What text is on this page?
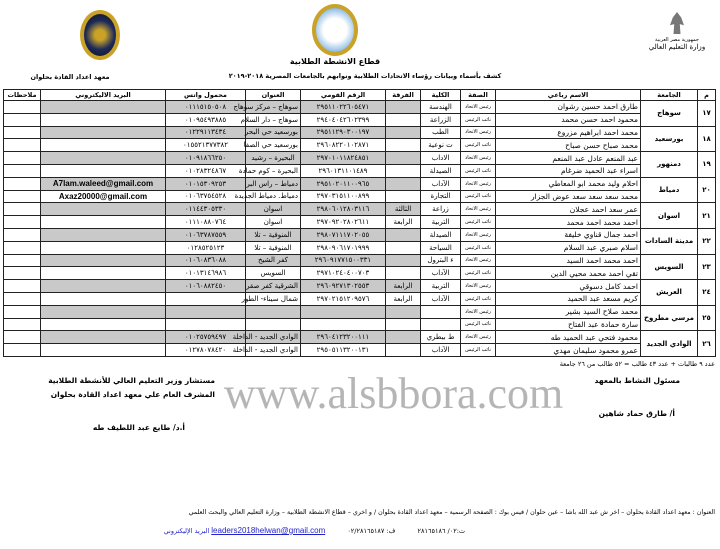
جمهورية مصر العربية
وزارة التعليم العالي
قطاع الانشطة الطلابية
كشف بأسماء وبيانات رؤساء الاتحادات الطلابية ونوابهم بالجامعات المصرية ٢٠١٨-٢٠١٩
معهد اعداد القادة بحلوان
م	الجامعة	الاسم رباعي	الصفة	الكلية	الفرقة	الرقم القومي	العنوان	محمول واتس	البريد الاليكتروني	ملاحظات
١٧	سوهاج	طارق احمد حسين رشوان	رئيس الاتحاد	الهندسة		٢٩٥١١٠٢٢٦٠٥٤٧١	سوهاج – مركز سوهاج	٠١١١٥١٥٠٥٠٨		
		محمود احمد حسن محمد	نائب الرئيس	الزراعة		٢٩٤٠٤٠٤٢٦٠٢٣٩٩	سوهاج – دار السلام	٠١٠٩٥٤٩٣٨٨٥		
١٨	بورسعيد	محمد احمد ابراهيم مزروع	رئيس الاتحاد	الطب		٢٩٥١١٢٩٠٣٠٠١٩٧	بورسعيد حي البحر	٠١٢٢٩١١٣٤٣٤		
		محمد صباح حسن صباح	نائب الرئيس	ت نوعية		٢٩٦٠٨٢٢٠١٠٢٨٧١	بورسعيد حي الصفا	٠١٥٥٢١٣٧٧٣٨٢		
١٩	دمنهور	عبد المنعم عادل عبد المنعم	رئيس الاتحاد	الاداب		٢٩٧٠١٠١١٨٢٤٨٥١	البحيرة – رشيد	٠١٠٩١٨٦٦٢٥٠		
		اسراء عبد الحميد ضرغام	نائب الرئيس	الصيدلة		٢٩٦٠١٣١١٠١٤٨٩	البحيرة – كوم حمادة	٠١٠٢٨٣٢٤٨٦٧		
٢٠	دمياط	احلام وليد محمد ابو المعاطي	رئيس الاتحاد	الآداب		٢٩٥١٠٢٠١١٠٠٩٦٥	دمياط – راس البر	٠١٠١٥٣٠٩٢٥٣	A7lam.waleed@gmail.com	
		محمد سعد سعد سعد عوض الجزار	نائب الرئيس	التجارة		٢٩٧٠٣١٥١١٠٠٨٩٩	دمياط. دمياط الجديدة	٠١٠٦٣٧٥٤٥٢٨	Axaz20000@gmail.com	
٢١	اسوان	عمر سعد احمد عجلان	رئيس الاتحاد	زراعة	الثالثة	٢٩٨٠٦٠١٢٨٠٣١١٦	اسوان	٠١١٤٤٣٠٥٣٣٠		
		احمد محمد احمد محمد	نائب الرئيس	التربية	الرابعة	٢٩٧٠٩٢٠٢٨٠٢٦١١	اسوان	٠١١١٠٨٨٠٧٦٤		
٢٢	مدينة السادات	احمد جمال قناوي خليفة	رئيس الاتحاد	الصيدلة		٢٩٨٠٧١١١٧٠٢٠٥٥	المنوفية – تلا	٠١٠٦٣٧٨٧٥٥٩		
		اسلام صبري عبد السلام	نائب الرئيس	السياحة		٢٩٨٠٩٠٦١٧٠١٩٩٩	المنوفية – تلا	٠١٢٨٥٢٥١٢٣		
٢٣	السويس	احمد محمد احمد السيد	رئيس الاتحاد	ء البترول		٢٩٦٠٩١٧٧١٥٠٠٣٣١	كفر الشيخ	٠١٠٦٠٨٣٦٠٨٨		
		تقي احمد محمد محيي الدين	نائب الرئيس	الآداب		٢٩٧١٠٢٤٠٤٠٠٧٠٣	السويس	٠١٠١٣١٤٦٩٨٦		
٢٤	العريش	احمد كامل دسوقي	رئيس الاتحاد	التربية	الرابعة	٢٩٦٠٩٢٧١٣٠٢٥٥٣	الشرقية كفر صقر	٠١٠٦٠٨٨٢٤٥٠		
		كريم مسعد عبد الحميد	نائب الرئيس	الآداب	الرابعة	٢٩٧٠٢١٥١٢٠٩٥٧٦	شمال سيناء- الطور			
٢٥	مرسي مطروح	محمد صلاح السيد بشير	رئيس الاتحاد							
		سارة حمادة عبد الفتاح	نائب الرئيس							
٢٦	الوادي الجديد	محمود فتحي عبد الحميد طه	رئيس الاتحاد	ط بيطري		٢٩٦٠٤١٢٣٢٠٠١١١	الوادي الجديد - الداخلة	٠١٠٢٥٧٥٩٤٩٧		
		عمرو محمود سليمان مهدي	نائب الرئيس	الآداب		٢٩٥٠٥١١٣٢٠٠١٣١	الوادي الجديد - الداخلة	٠١٢٧٨٠٧٨٤٢٠		
www.alsbbora.com
عدد ٩ طالبات + عدد ٤٣ طالب = ٥٢ طالب من ٢٦ جامعة
مسئول النشاط بالمعهد
أ/ طارق حماد شاهين
مستشار وزير التعليم العالي للأنشطة الطلابية
المشرف العام علي معهد اعداد القادة بحلوان
أ.د/ طايع عبد اللطيف طه
العنوان : معهد اعداد القادة بحلوان – اخر ش عبد الله باشا – عين حلوان / فيس بوك : الصفحة الرسمية – معهد اعداد القادة بحلوان / و اخري – قطاع الانشطة الطلابية – وزارة التعليم العالي والبحث العلمي
ت:٠٢/ ٢٨١٦٥١٨٦ ف: ٠٢/٢٨١٦٥١٨٧ leaders2018helwan@gmail.com البريد الإليكتروني
